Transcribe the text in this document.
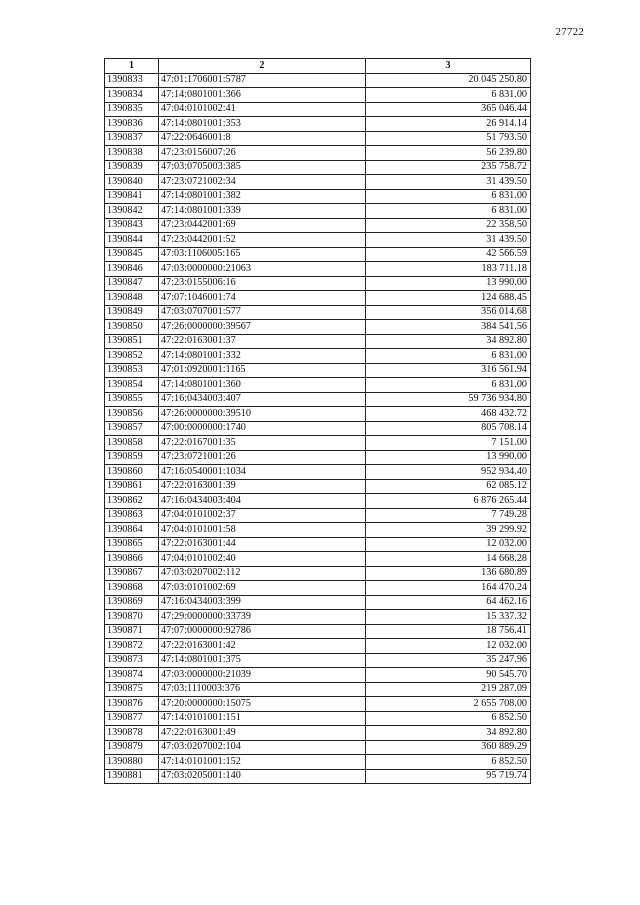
27722
1	2	3
1390833	47:01:1706001:5787	20 045 250.80
1390834	47:14:0801001:366	6 831.00
1390835	47:04:0101002:41	365 046.44
1390836	47:14:0801001:353	26 914.14
1390837	47:22:0646001:8	51 793.50
1390838	47:23:0156007:26	56 239.80
1390839	47:03:0705003:385	235 758.72
1390840	47:23:0721002:34	31 439.50
1390841	47:14:0801001:382	6 831.00
1390842	47:14:0801001:339	6 831.00
1390843	47:23:0442001:69	22 358.50
1390844	47:23:0442001:52	31 439.50
1390845	47:03:1106005:165	42 566.59
1390846	47:03:0000000:21063	183 711.18
1390847	47:23:0155006:16	13 990.00
1390848	47:07:1046001:74	124 688.45
1390849	47:03:0707001:577	356 014.68
1390850	47:26:0000000:39567	384 541.56
1390851	47:22:0163001:37	34 892.80
1390852	47:14:0801001:332	6 831.00
1390853	47:01:0920001:1165	316 561.94
1390854	47:14:0801001:360	6 831.00
1390855	47:16:0434003:407	59 736 934.80
1390856	47:26:0000000:39510	468 432.72
1390857	47:00:0000000:1740	805 708.14
1390858	47:22:0167001:35	7 151.00
1390859	47:23:0721001:26	13 990.00
1390860	47:16:0540001:1034	952 934.40
1390861	47:22:0163001:39	62 085.12
1390862	47:16:0434003:404	6 876 265.44
1390863	47:04:0101002:37	7 749.28
1390864	47:04:0101001:58	39 299.92
1390865	47:22:0163001:44	12 032.00
1390866	47:04:0101002:40	14 668.28
1390867	47:03:0207002:112	136 680.89
1390868	47:03:0101002:69	164 470.24
1390869	47:16:0434003:399	64 462.16
1390870	47:29:0000000:33739	15 337.32
1390871	47:07:0000000:92786	18 756.41
1390872	47:22:0163001:42	12 032.00
1390873	47:14:0801001:375	35 247.96
1390874	47:03:0000000:21039	90 545.70
1390875	47:03:1110003:376	219 287.09
1390876	47:20:0000000:15075	2 655 708.00
1390877	47:14:0101001:151	6 852.50
1390878	47:22:0163001:49	34 892.80
1390879	47:03:0207002:104	360 889.29
1390880	47:14:0101001:152	6 852.50
1390881	47:03:0205001:140	95 719.74
